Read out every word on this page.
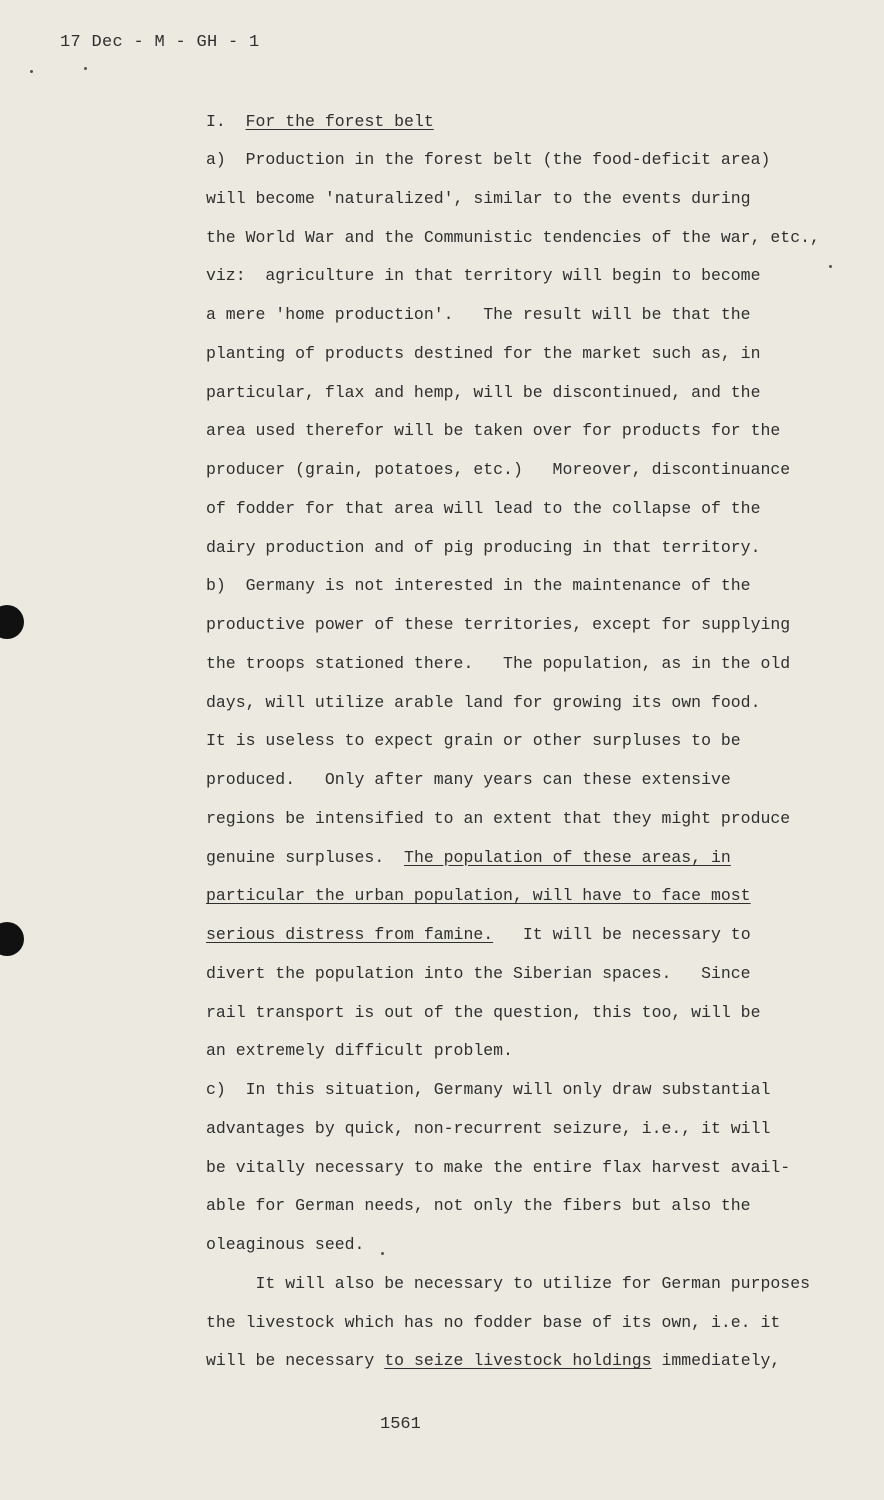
17 Dec - M - GH - 1
I. For the forest belt
a)  Production in the forest belt (the food-deficit area)
will become 'naturalized', similar to the events during
the World War and the Communistic tendencies of the war, etc.,
viz:  agriculture in that territory will begin to become
a mere 'home production'.   The result will be that the
planting of products destined for the market such as, in
particular, flax and hemp, will be discontinued, and the
area used therefor will be taken over for products for the
producer (grain, potatoes, etc.)   Moreover, discontinuance
of fodder for that area will lead to the collapse of the
dairy production and of pig producing in that territory.
b)  Germany is not interested in the maintenance of the
productive power of these territories, except for supplying
the troops stationed there.   The population, as in the old
days, will utilize arable land for growing its own food.
It is useless to expect grain or other surpluses to be
produced.   Only after many years can these extensive
regions be intensified to an extent that they might produce
genuine surpluses.  The population of these areas, in
particular the urban population, will have to face most
serious distress from famine.   It will be necessary to
divert the population into the Siberian spaces.   Since
rail transport is out of the question, this too, will be
an extremely difficult problem.
c)  In this situation, Germany will only draw substantial
advantages by quick, non-recurrent seizure, i.e., it will
be vitally necessary to make the entire flax harvest avail-
able for German needs, not only the fibers but also the
oleaginous seed.
It will also be necessary to utilize for German purposes
the livestock which has no fodder base of its own, i.e. it
will be necessary to seize livestock holdings immediately,
1561
